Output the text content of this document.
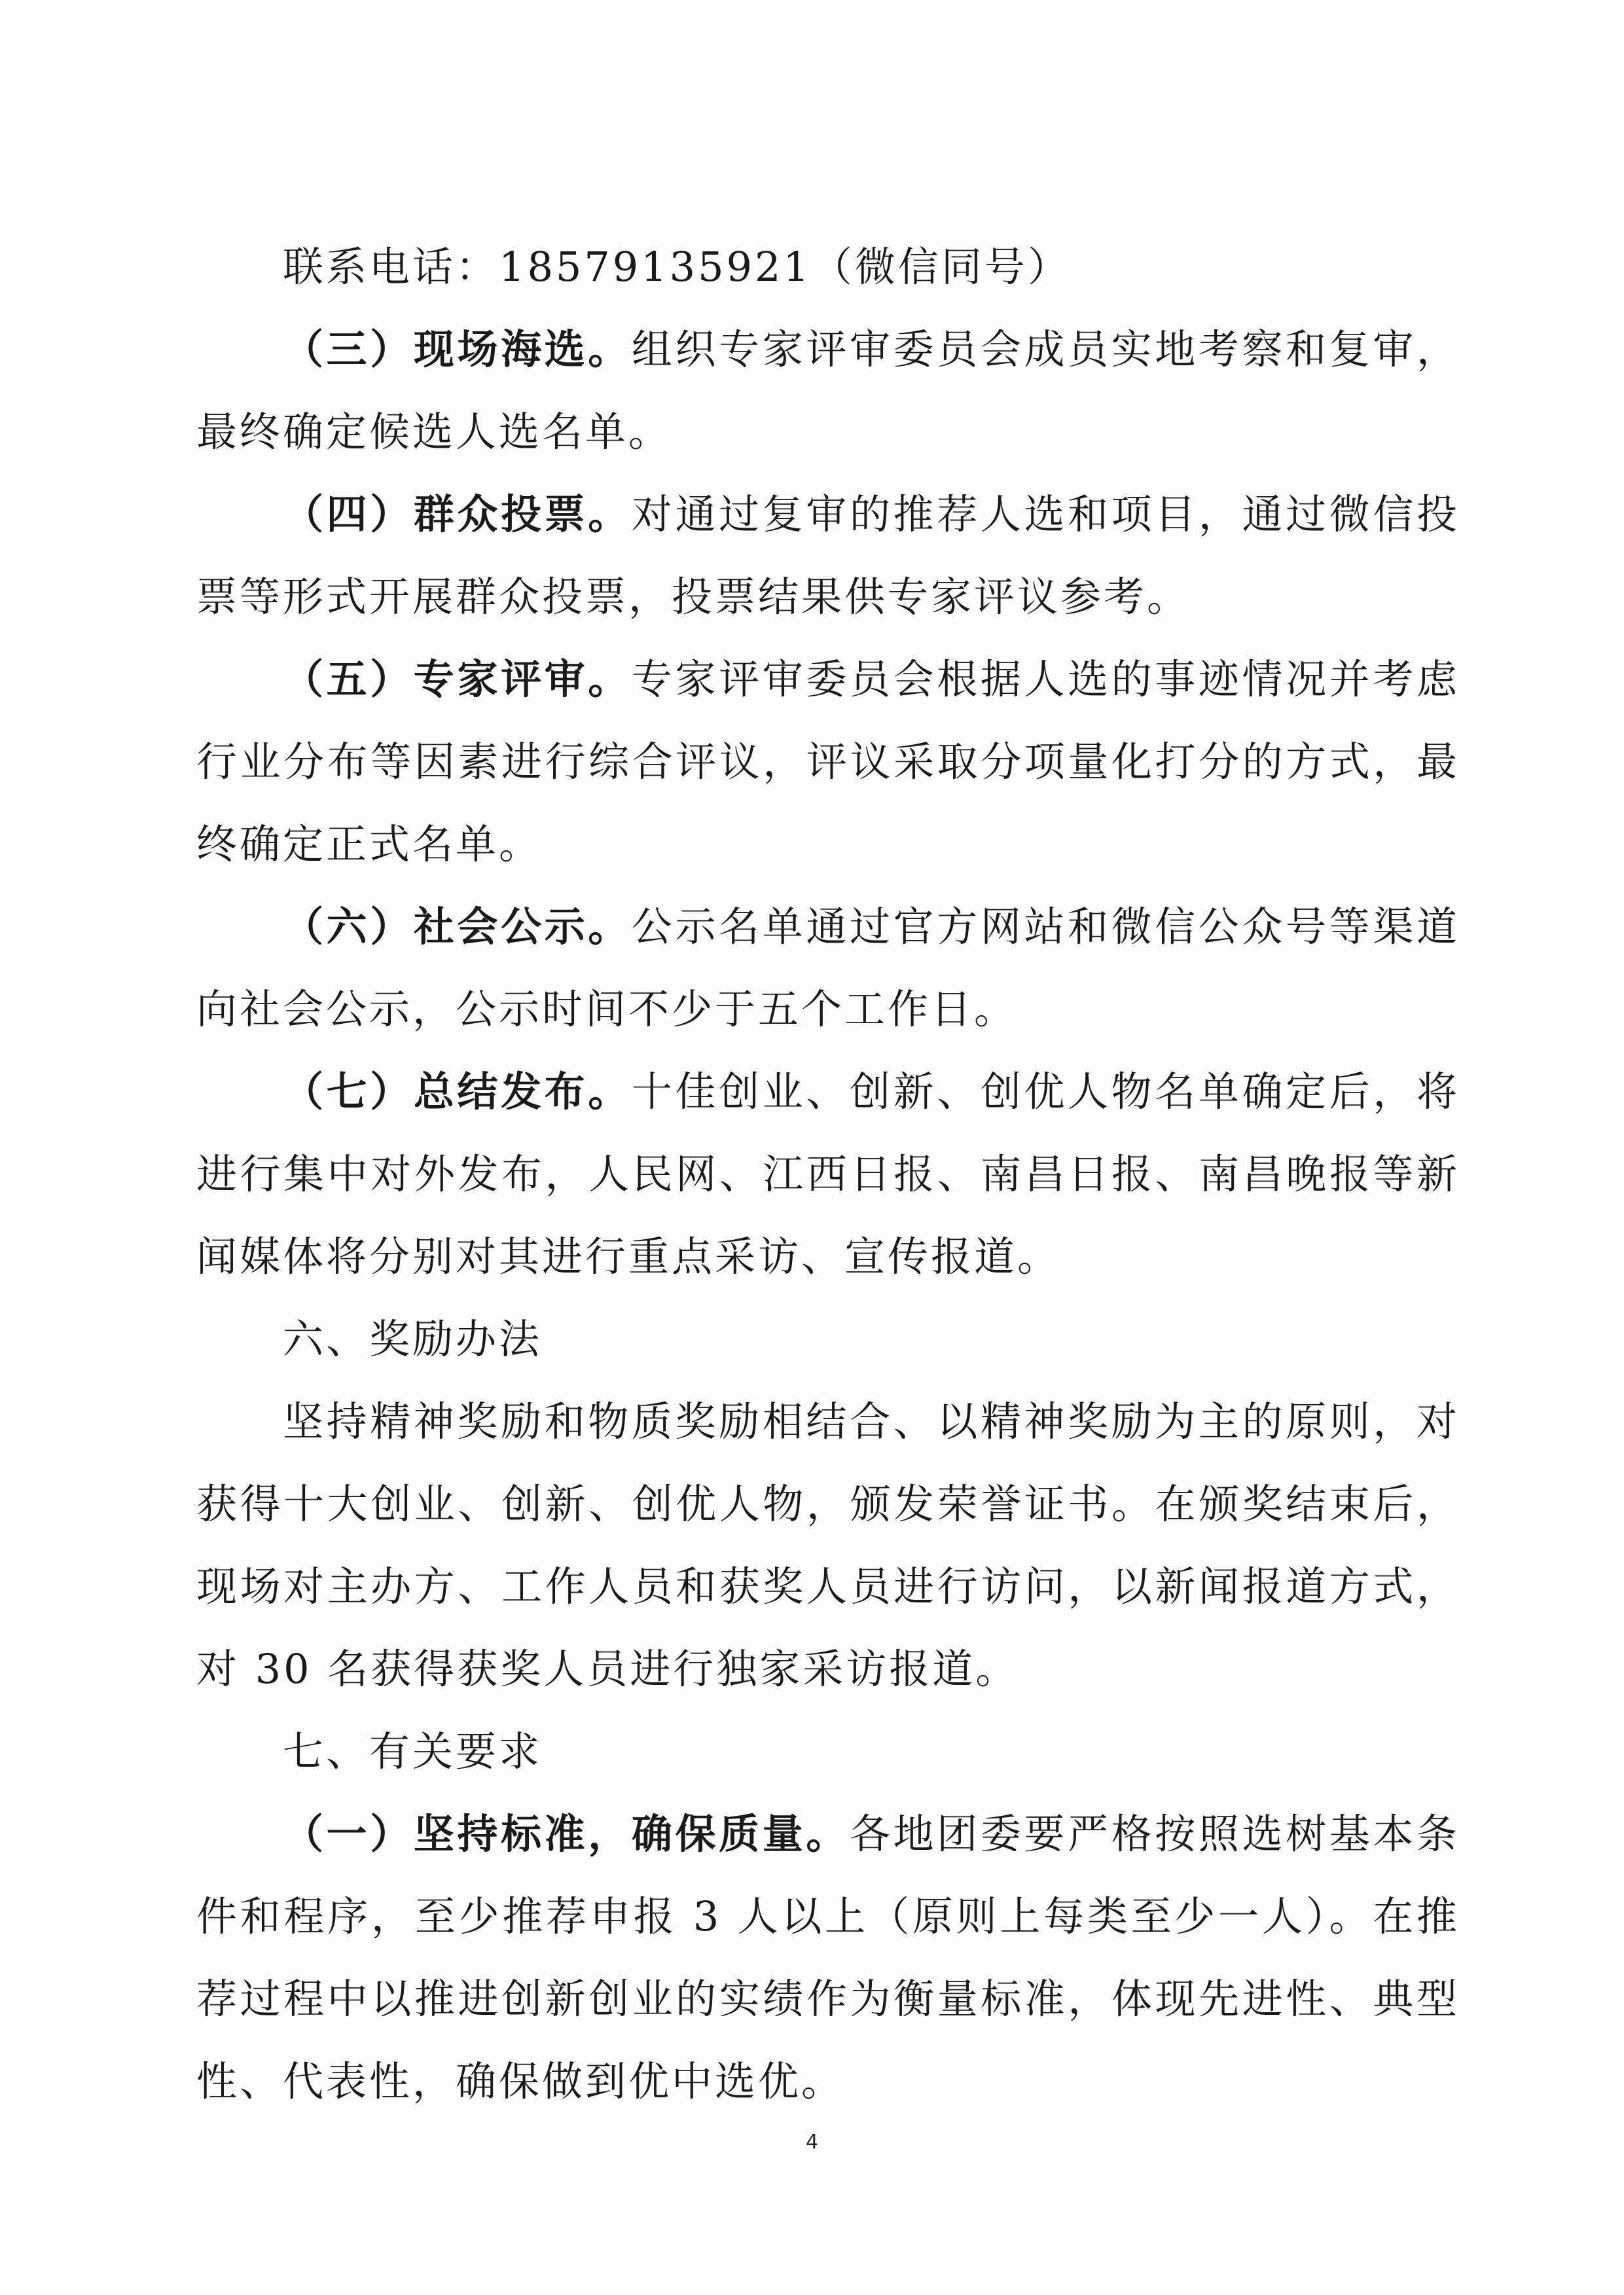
联系电话：18579135921（微信同号）

（三）现场海选。组织专家评审委员会成员实地考察和复审，最终确定候选人选名单。

（四）群众投票。对通过复审的推荐人选和项目，通过微信投票等形式开展群众投票，投票结果供专家评议参考。

（五）专家评审。专家评审委员会根据人选的事迹情况并考虑行业分布等因素进行综合评议，评议采取分项量化打分的方式，最终确定正式名单。

（六）社会公示。公示名单通过官方网站和微信公众号等渠道向社会公示，公示时间不少于五个工作日。

（七）总结发布。十佳创业、创新、创优人物名单确定后，将进行集中对外发布，人民网、江西日报、南昌日报、南昌晚报等新闻媒体将分别对其进行重点采访、宣传报道。

六、奖励办法

坚持精神奖励和物质奖励相结合、以精神奖励为主的原则，对获得十大创业、创新、创优人物，颁发荣誉证书。在颁奖结束后，现场对主办方、工作人员和获奖人员进行访问，以新闻报道方式，对 30 名获得获奖人员进行独家采访报道。

七、有关要求

（一）坚持标准，确保质量。各地团委要严格按照选树基本条件和程序，至少推荐申报 3 人以上（原则上每类至少一人）。在推荐过程中以推进创新创业的实绩作为衡量标准，体现先进性、典型性、代表性，确保做到优中选优。

4
